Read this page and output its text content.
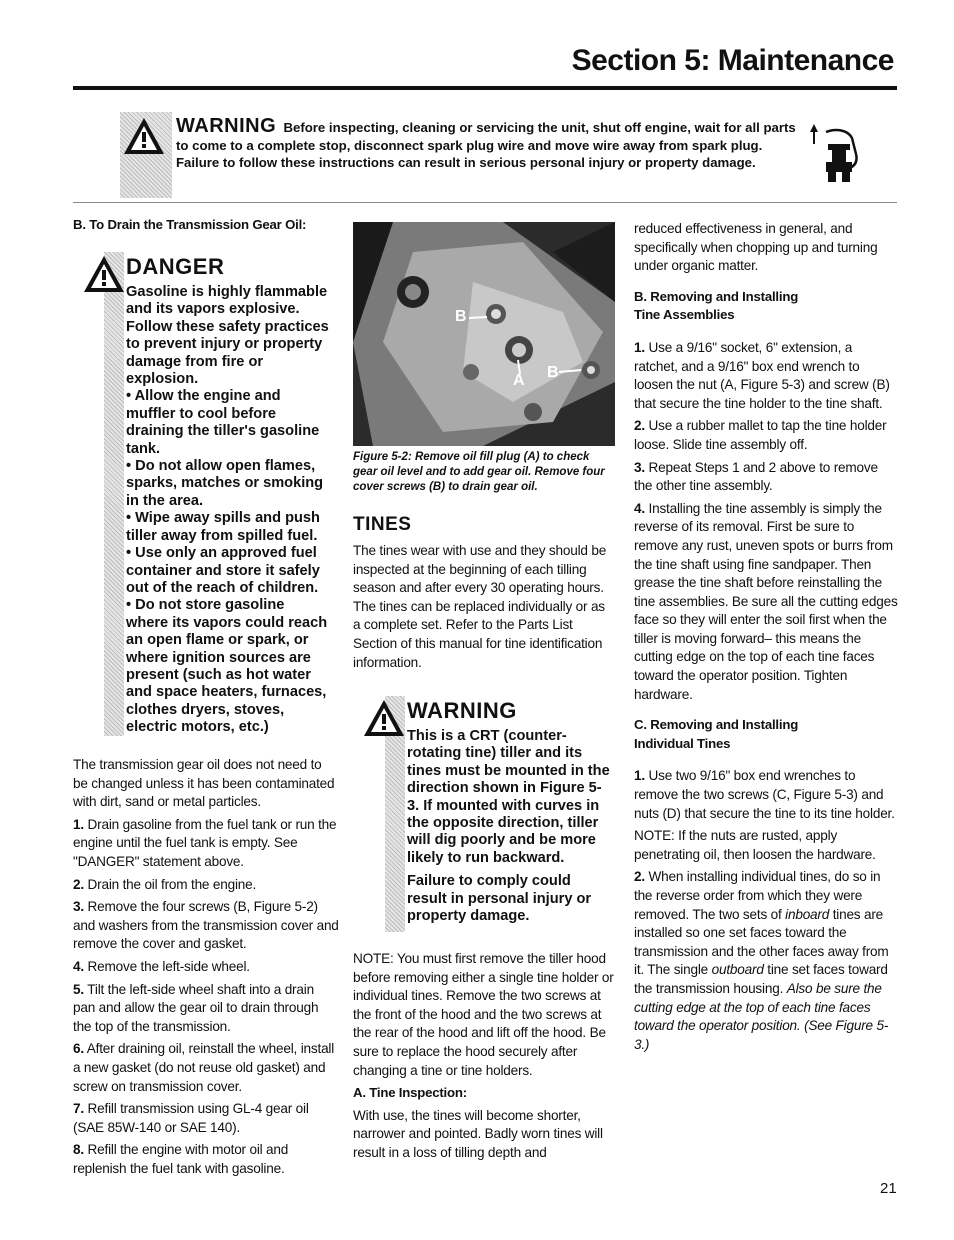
Section 5: Maintenance
WARNING Before inspecting, cleaning or servicing the unit, shut off engine, wait for all parts to come to a complete stop, disconnect spark plug wire and move wire away from spark plug. Failure to follow these instructions can result in serious personal injury or property damage.

B. To Drain the Transmission Gear Oil:

DANGER

Gasoline is highly flammable and its vapors explosive. Follow these safety practices to prevent injury or property damage from fire or explosion.

• Allow the engine and muffler to cool before draining the tiller's gasoline tank.

• Do not allow open flames, sparks, matches or smoking in the area.

• Wipe away spills and push tiller away from spilled fuel.

• Use only an approved fuel container and store it safely out of the reach of children.

• Do not store gasoline where its vapors could reach an open flame or spark, or where ignition sources are present (such as hot water and space heaters, furnaces, clothes dryers, stoves, electric motors, etc.)

The transmission gear oil does not need to be changed unless it has been contaminated with dirt, sand or metal particles.

1. Drain gasoline from the fuel tank or run the engine until the fuel tank is empty. See "DANGER" statement above.

2. Drain the oil from the engine.

3. Remove the four screws (B, Figure 5-2) and washers from the transmission cover and remove the cover and gasket.

4. Remove the left-side wheel.

5. Tilt the left-side wheel shaft into a drain pan and allow the gear oil to drain through the top of the transmission.

6. After draining oil, reinstall the wheel, install a new gasket (do not reuse old gasket) and screw on transmission cover.

7. Refill transmission using GL-4 gear oil (SAE 85W-140 or SAE 140).

8. Refill the engine with motor oil and replenish the fuel tank with gasoline.

B
A B
Figure 5-2: Remove oil fill plug (A) to check gear oil level and to add gear oil. Remove four cover screws (B) to drain gear oil.
TINES

The tines wear with use and they should be inspected at the beginning of each tilling season and after every 30 operating hours. The tines can be replaced individually or as a complete set. Refer to the Parts List Section of this manual for tine identification information.

WARNING

This is a CRT (counter-rotating tine) tiller and its tines must be mounted in the direction shown in Figure 5-3. If mounted with curves in the opposite direction, tiller will dig poorly and be more likely to run backward.

Failure to comply could result in personal injury or property damage.

NOTE: You must first remove the tiller hood before removing either a single tine holder or individual tines. Remove the two screws at the front of the hood and the two screws at the rear of the hood and lift off the hood. Be sure to replace the hood securely after changing a tine or tine holders.

A. Tine Inspection:

With use, the tines will become shorter, narrower and pointed. Badly worn tines will result in a loss of tilling depth and

reduced effectiveness in general, and specifically when chopping up and turning under organic matter.

B. Removing and Installing

Tine Assemblies

1. Use a 9/16" socket, 6" extension, a ratchet, and a 9/16" box end wrench to loosen the nut (A, Figure 5-3) and screw (B) that secure the tine holder to the tine shaft.

2. Use a rubber mallet to tap the tine holder loose. Slide tine assembly off.

3. Repeat Steps 1 and 2 above to remove the other tine assembly.

4. Installing the tine assembly is simply the reverse of its removal. First be sure to remove any rust, uneven spots or burrs from the tine shaft using fine sandpaper. Then grease the tine shaft before reinstalling the tine assemblies. Be sure all the cutting edges face so they will enter the soil first when the tiller is moving forward– this means the cutting edge on the top of each tine faces toward the operator position. Tighten hardware.

C. Removing and Installing

Individual Tines

1. Use two 9/16" box end wrenches to remove the two screws (C, Figure 5-3) and nuts (D) that secure the tine to its tine holder.

NOTE: If the nuts are rusted, apply penetrating oil, then loosen the hardware.

2. When installing individual tines, do so in the reverse order from which they were removed. The two sets of inboard tines are installed so one set faces toward the transmission and the other faces away from it. The single outboard tine set faces toward the transmission housing. Also be sure the cutting edge at the top of each tine faces toward the operator position. (See Figure 5-3.)

21
